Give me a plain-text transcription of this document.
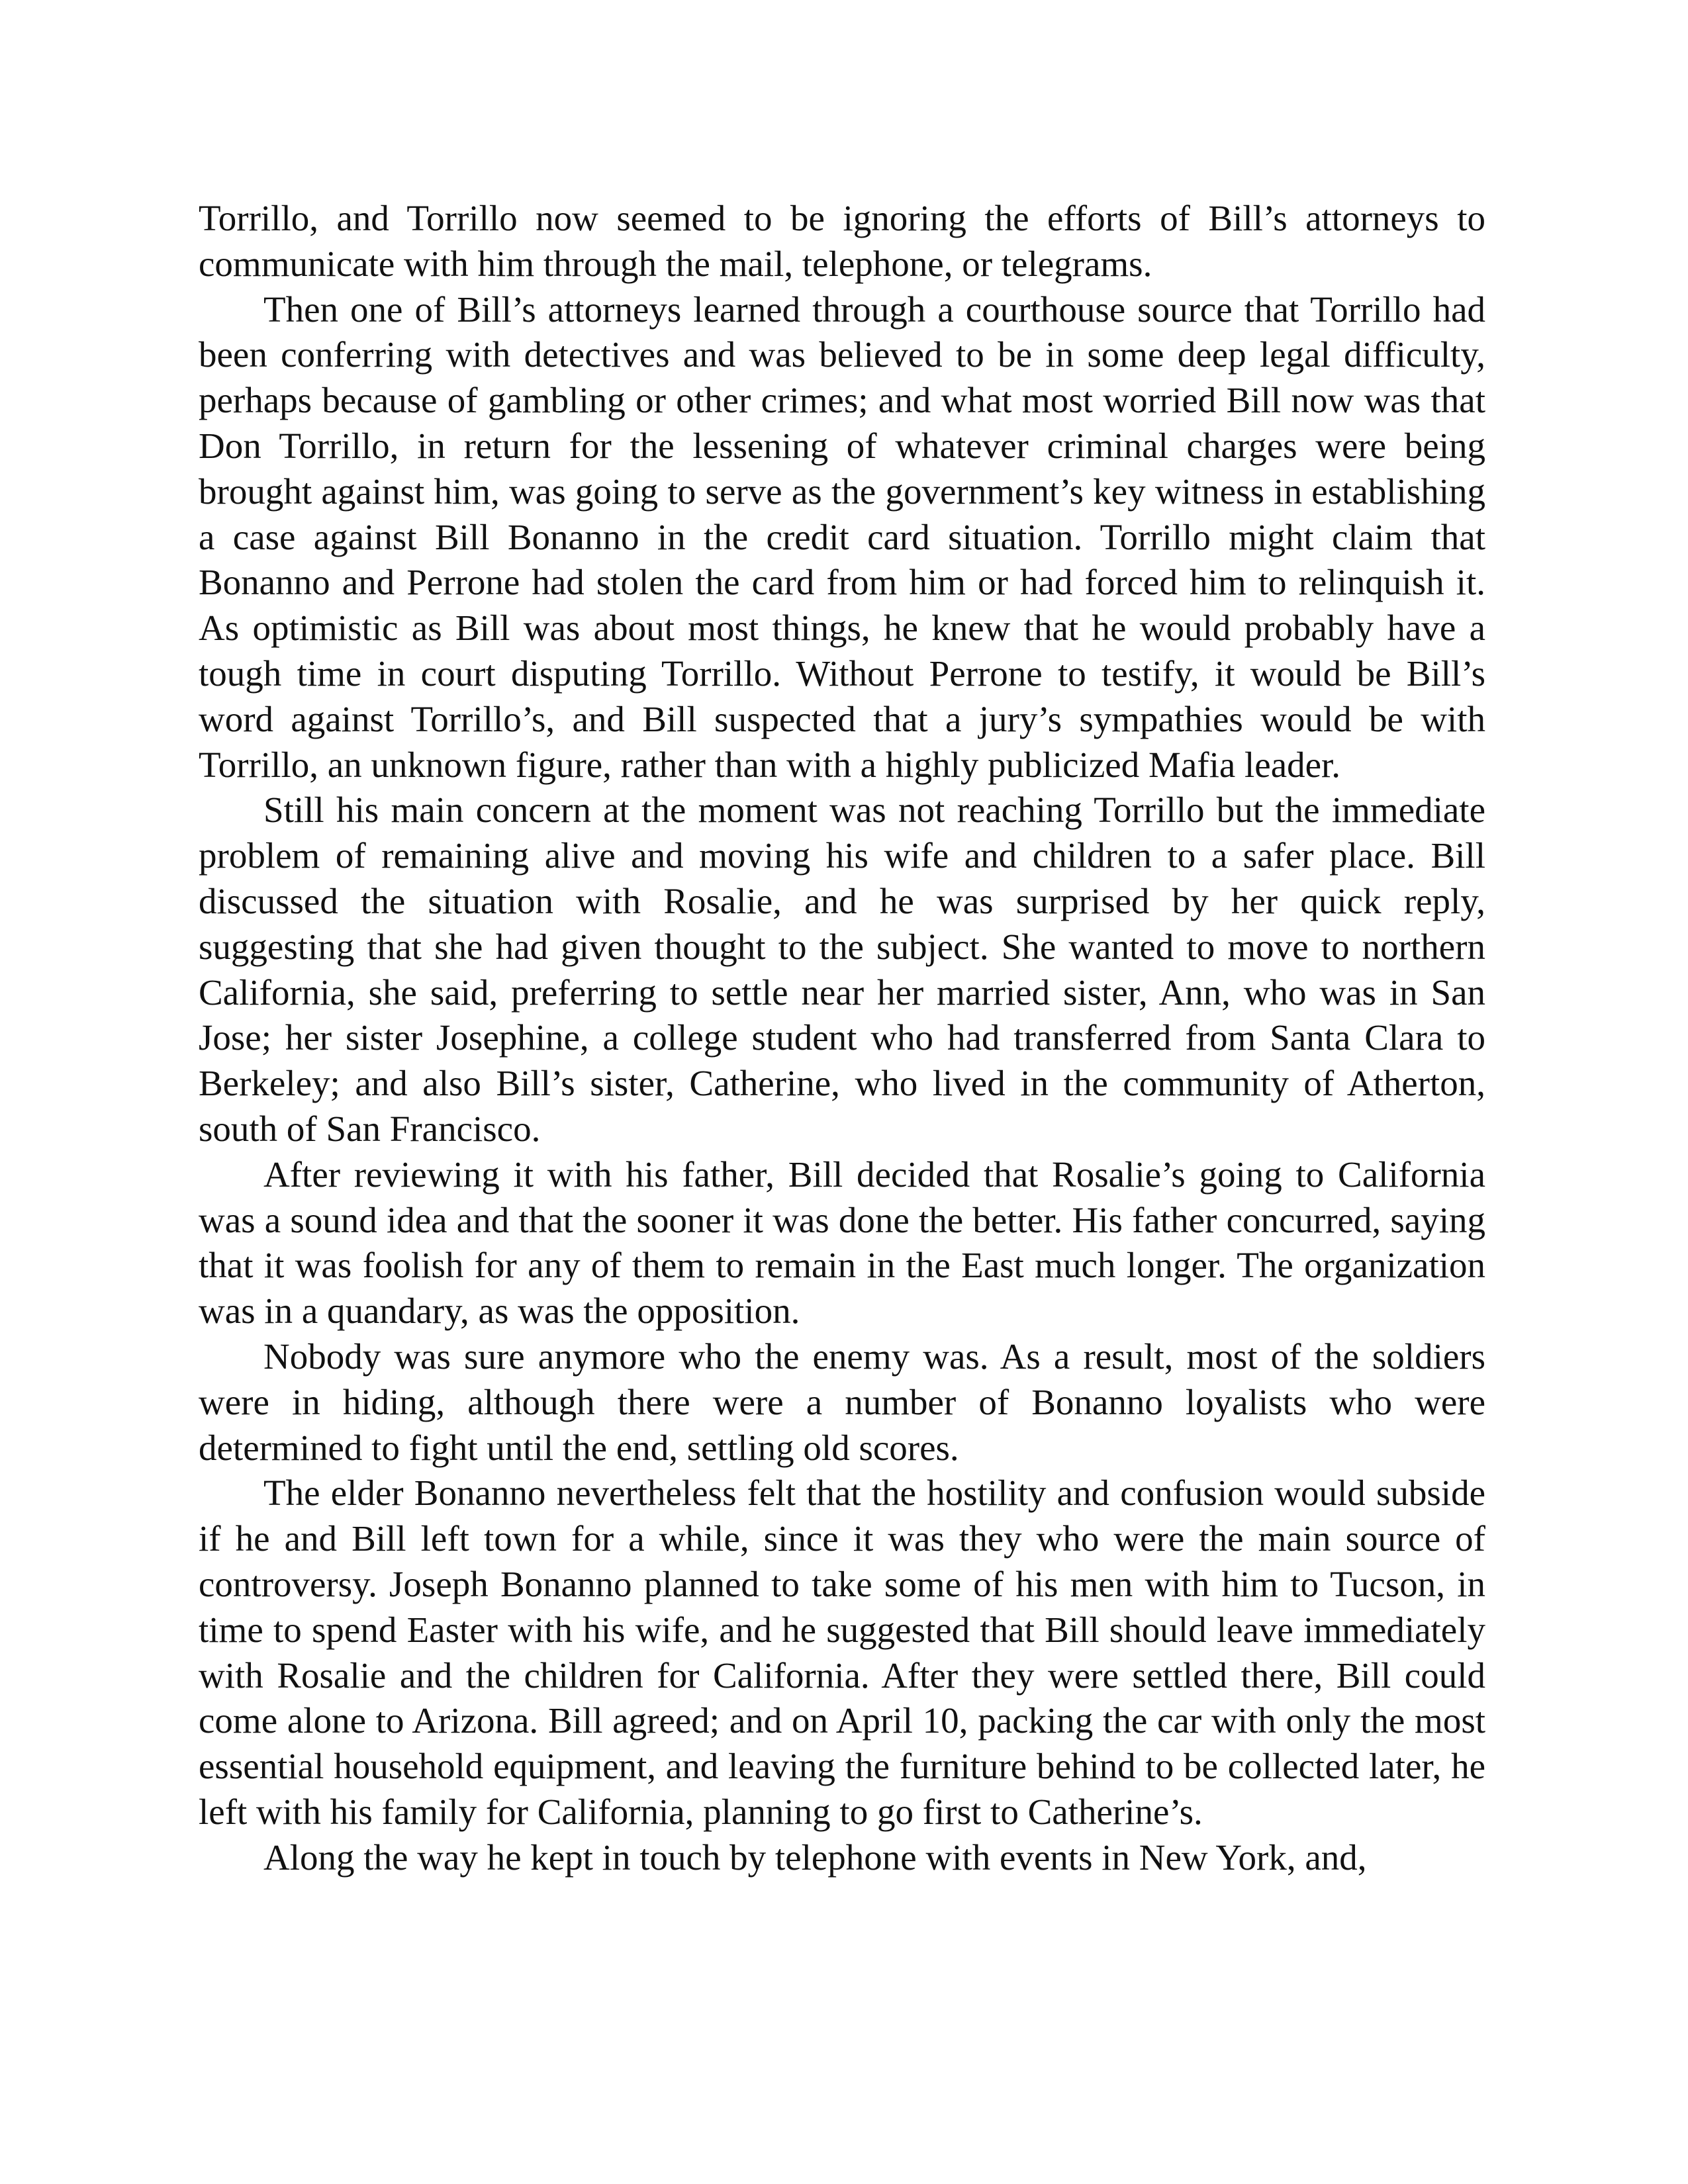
Torrillo, and Torrillo now seemed to be ignoring the efforts of Bill’s attorneys to communicate with him through the mail, telephone, or telegrams.

Then one of Bill’s attorneys learned through a courthouse source that Torrillo had been conferring with detectives and was believed to be in some deep legal difficulty, perhaps because of gambling or other crimes; and what most worried Bill now was that Don Torrillo, in return for the lessening of whatever criminal charges were being brought against him, was going to serve as the government’s key witness in establishing a case against Bill Bonanno in the credit card situation. Torrillo might claim that Bonanno and Perrone had stolen the card from him or had forced him to relinquish it. As optimistic as Bill was about most things, he knew that he would probably have a tough time in court disputing Torrillo. Without Perrone to testify, it would be Bill’s word against Torrillo’s, and Bill suspected that a jury’s sympathies would be with Torrillo, an unknown figure, rather than with a highly publicized Mafia leader.

Still his main concern at the moment was not reaching Torrillo but the immediate problem of remaining alive and moving his wife and children to a safer place. Bill discussed the situation with Rosalie, and he was surprised by her quick reply, suggesting that she had given thought to the subject. She wanted to move to northern California, she said, preferring to settle near her married sister, Ann, who was in San Jose; her sister Josephine, a college student who had transferred from Santa Clara to Berkeley; and also Bill’s sister, Catherine, who lived in the community of Atherton, south of San Francisco.

After reviewing it with his father, Bill decided that Rosalie’s going to California was a sound idea and that the sooner it was done the better. His father concurred, saying that it was foolish for any of them to remain in the East much longer. The organization was in a quandary, as was the opposition.

Nobody was sure anymore who the enemy was. As a result, most of the soldiers were in hiding, although there were a number of Bonanno loyalists who were determined to fight until the end, settling old scores.

The elder Bonanno nevertheless felt that the hostility and confusion would subside if he and Bill left town for a while, since it was they who were the main source of controversy. Joseph Bonanno planned to take some of his men with him to Tucson, in time to spend Easter with his wife, and he suggested that Bill should leave immediately with Rosalie and the children for California. After they were settled there, Bill could come alone to Arizona. Bill agreed; and on April 10, packing the car with only the most essential household equipment, and leaving the furniture behind to be collected later, he left with his family for California, planning to go first to Catherine’s.

Along the way he kept in touch by telephone with events in New York, and,
